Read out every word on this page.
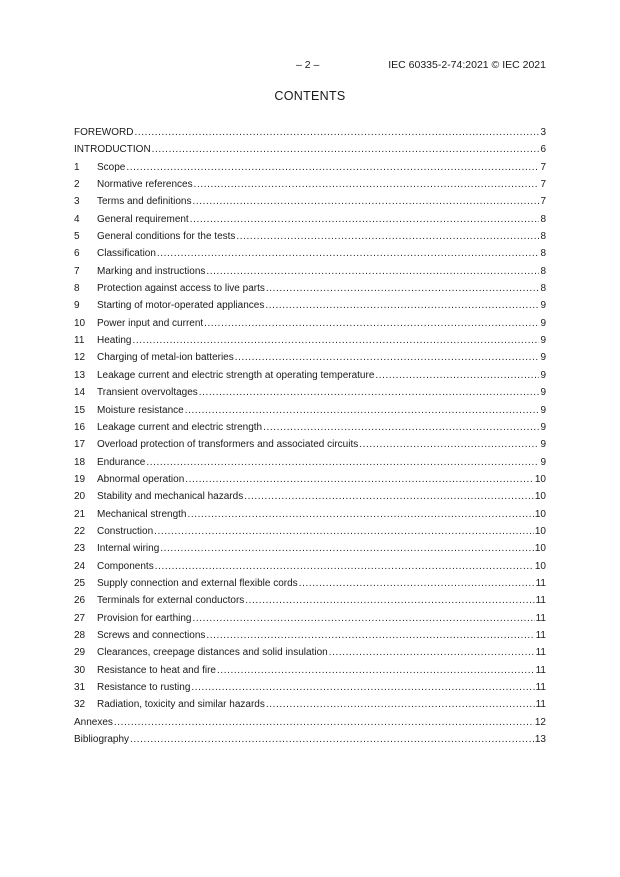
– 2 –	IEC 60335-2-74:2021 © IEC 2021
CONTENTS
FOREWORD .....	3
INTRODUCTION .....	6
1	Scope .....	7
2	Normative references .....	7
3	Terms and definitions .....	7
4	General requirement .....	8
5	General conditions for the tests .....	8
6	Classification .....	8
7	Marking and instructions .....	8
8	Protection against access to live parts .....	8
9	Starting of motor-operated appliances .....	9
10	Power input and current .....	9
11	Heating .....	9
12	Charging of metal-ion batteries .....	9
13	Leakage current and electric strength at operating temperature .....	9
14	Transient overvoltages .....	9
15	Moisture resistance .....	9
16	Leakage current and electric strength .....	9
17	Overload protection of transformers and associated circuits .....	9
18	Endurance .....	9
19	Abnormal operation .....	10
20	Stability and mechanical hazards .....	10
21	Mechanical strength .....	10
22	Construction .....	10
23	Internal wiring .....	10
24	Components .....	10
25	Supply connection and external flexible cords .....	11
26	Terminals for external conductors .....	11
27	Provision for earthing .....	11
28	Screws and connections .....	11
29	Clearances, creepage distances and solid insulation .....	11
30	Resistance to heat and fire .....	11
31	Resistance to rusting .....	11
32	Radiation, toxicity and similar hazards .....	11
Annexes .....	12
Bibliography .....	13
